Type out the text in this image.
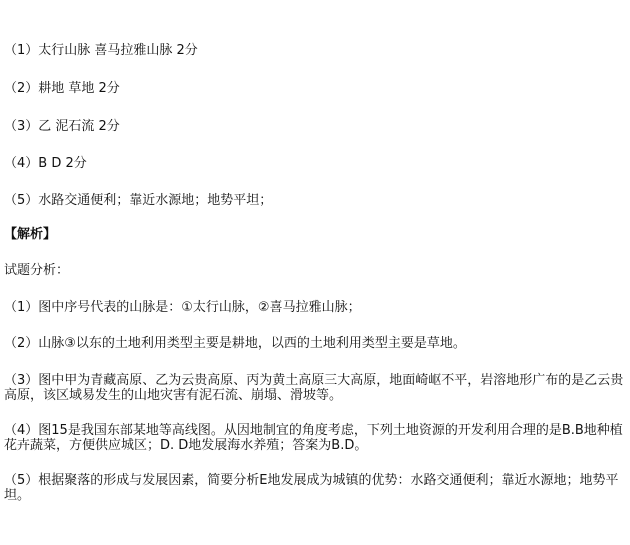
（1）太行山脉 喜马拉雅山脉 2分
（2）耕地 草地 2分
（3）乙 泥石流 2分
（4）B D 2分
（5）水路交通便利；靠近水源地；地势平坦；
【解析】
试题分析：
（1）图中序号代表的山脉是：①太行山脉，②喜马拉雅山脉；
（2）山脉③以东的土地利用类型主要是耕地，以西的土地利用类型主要是草地。
（3）图中甲为青藏高原、乙为云贵高原、丙为黄土高原三大高原，地面崎岖不平，岩溶地形广布的是乙云贵高原，该区域易发生的山地灾害有泥石流、崩塌、滑坡等。
（4）图15是我国东部某地等高线图。从因地制宜的角度考虑，下列土地资源的开发利用合理的是B.B地种植花卉蔬菜，方便供应城区；D. D地发展海水养殖；答案为B.D。
（5）根据聚落的形成与发展因素，简要分析E地发展成为城镇的优势：水路交通便利；靠近水源地；地势平坦。
